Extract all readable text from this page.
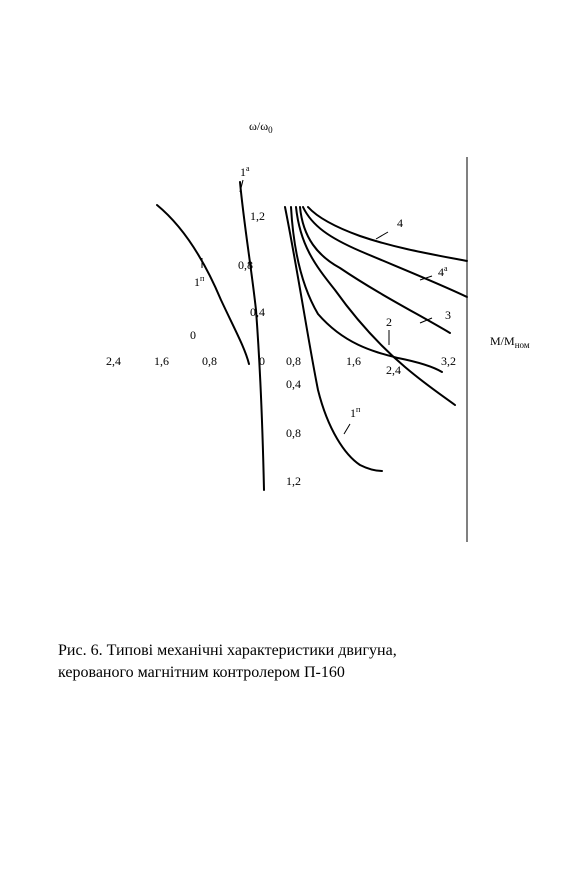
$\omega/\omega_0$
$M/M_{ном}$
1,2
0,8
0,4
0
2,4	1,6	0,8	0 0,8	1,6
2,4
3,2
0,4
0,8
1,2
$1^а$
$1^п$
$1^п$
2	3
4
$4^а$

Рис. 6. Типові механічні характеристики двигуна,
керованого магнітним контролером П-160
